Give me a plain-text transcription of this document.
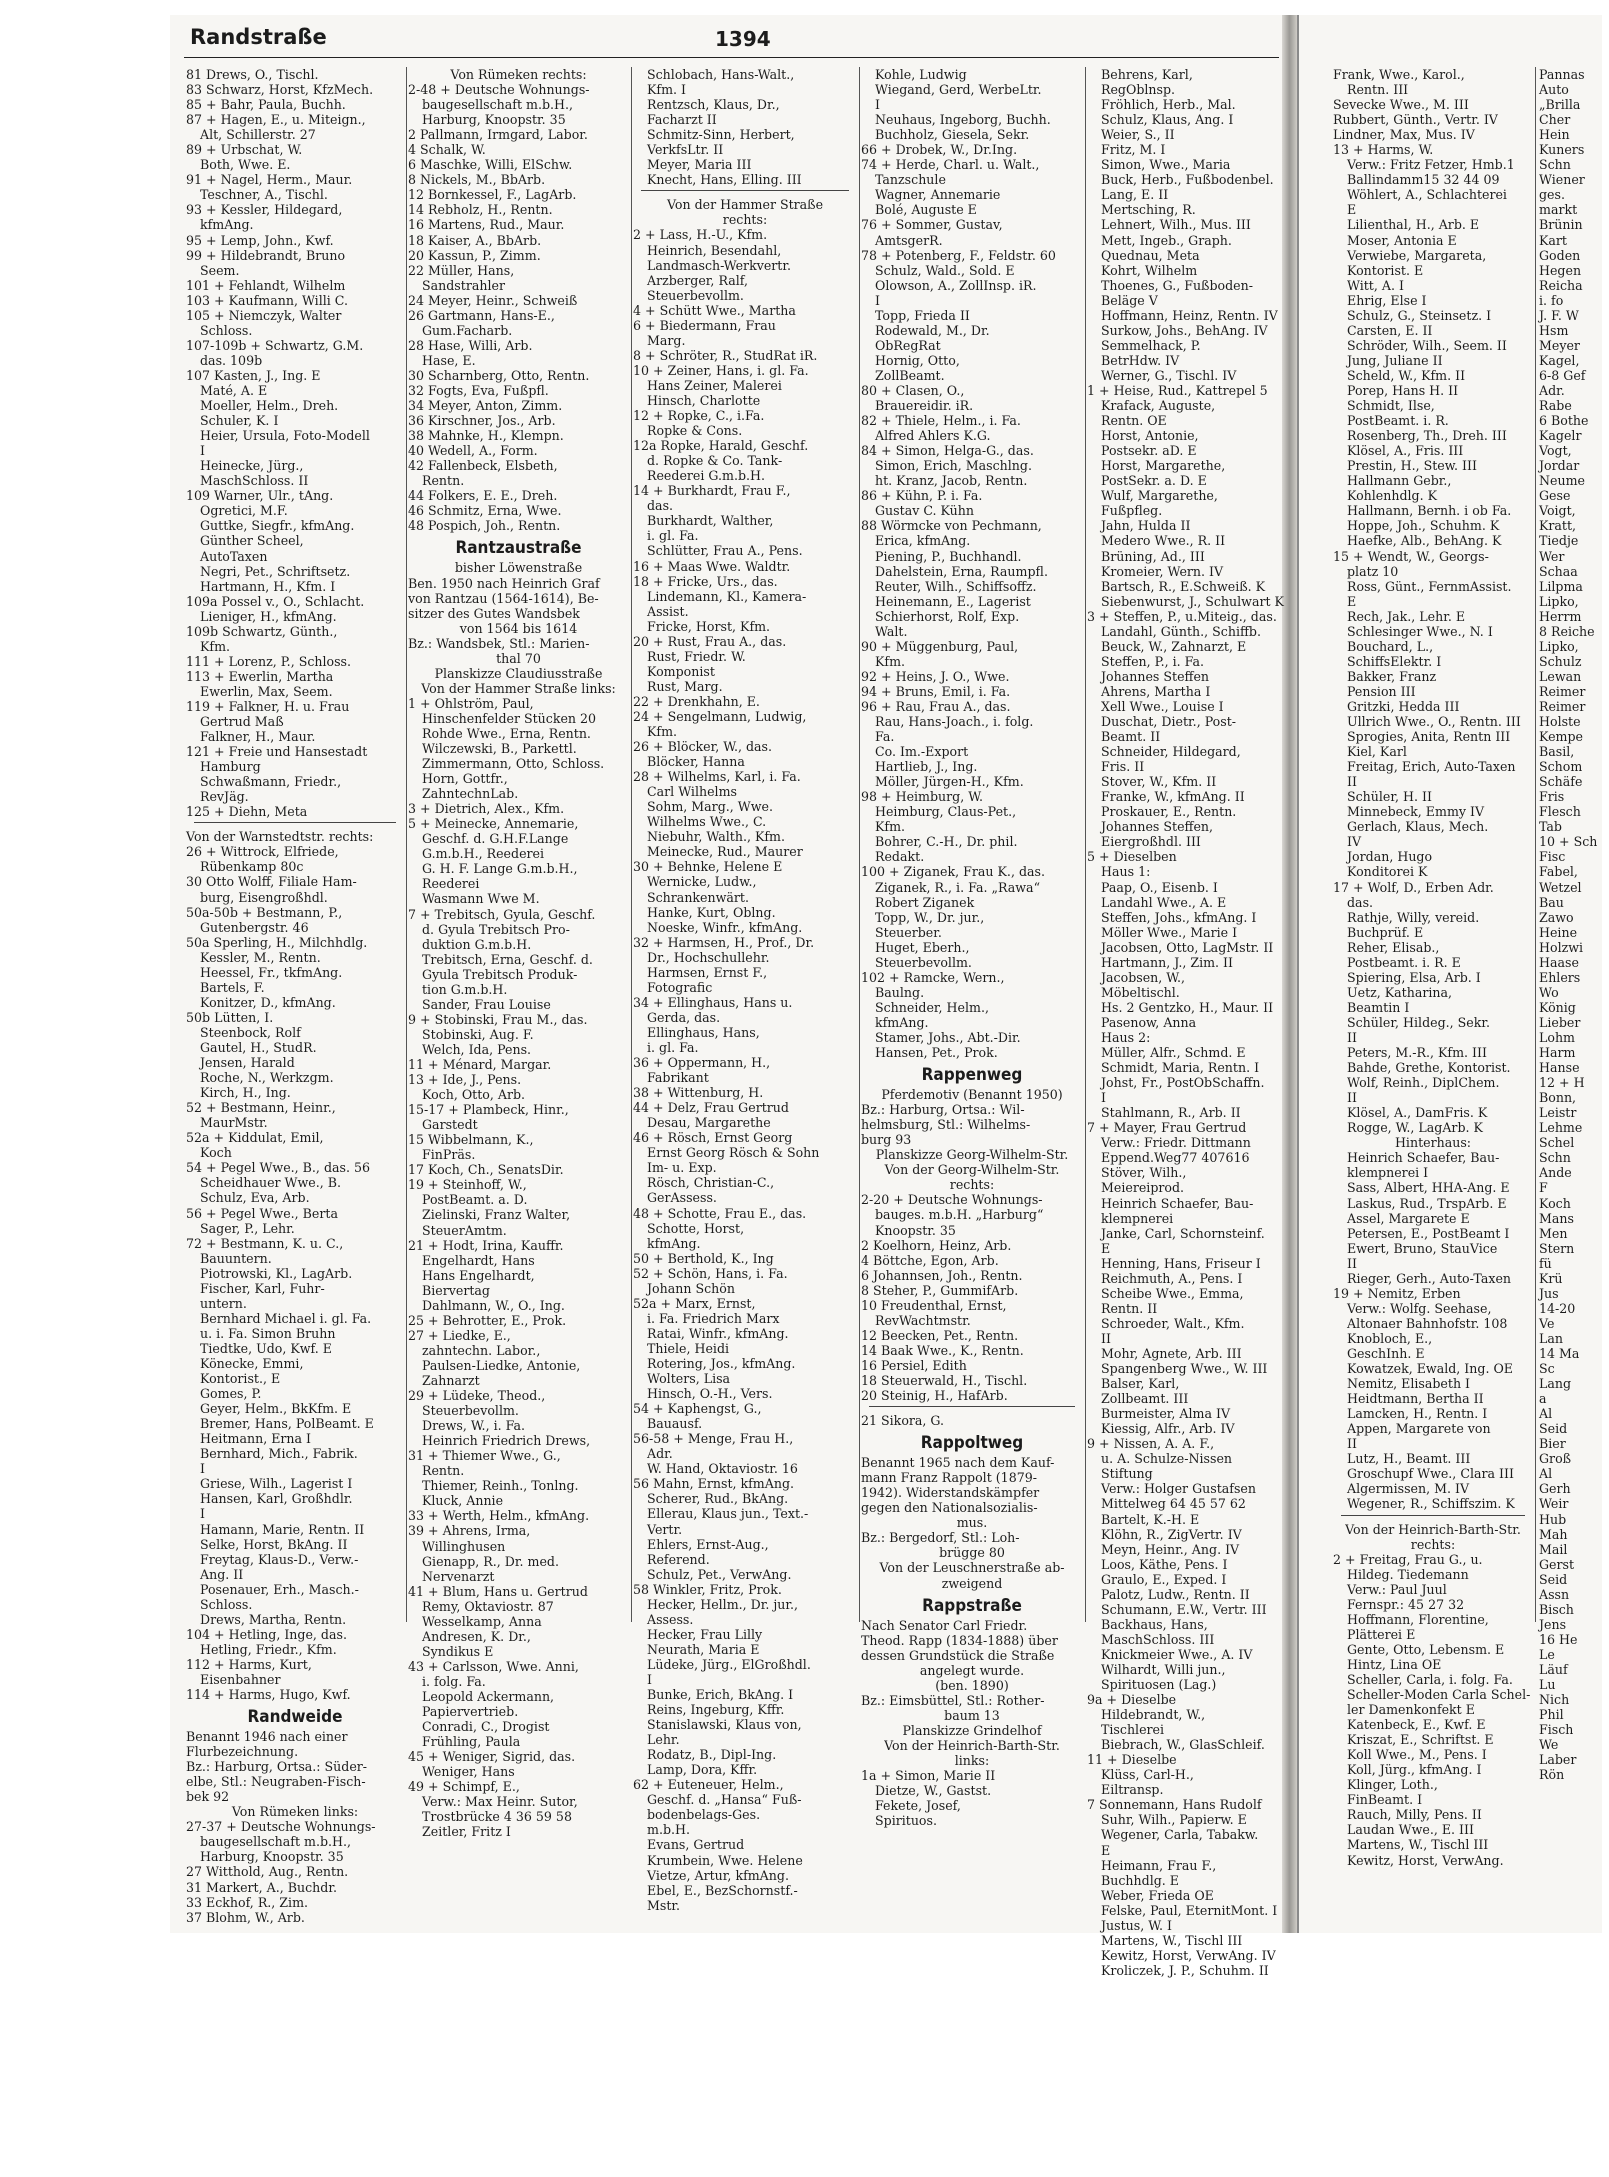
Randstraße	1394
81 Drews, O., Tischl.
83 Schwarz, Horst, KfzMech.
85 + Bahr, Paula, Buchh.
87 + Hagen, E., u. Miteign.,
Alt, Schillerstr. 27
89 + Urbschat, W.
Both, Wwe. E.
91 + Nagel, Herm., Maur.
Teschner, A., Tischl.
93 + Kessler, Hildegard,
kfmAng.
95 + Lemp, John., Kwf.
99 + Hildebrandt, Bruno
Seem.
101 + Fehlandt, Wilhelm
103 + Kaufmann, Willi C.
105 + Niemczyk, Walter
Schloss.
107-109b + Schwartz, G.M.
das. 109b
107 Kasten, J., Ing. E
Maté, A. E
Moeller, Helm., Dreh.
Schuler, K. I
Heier, Ursula, Foto-Modell
I
Heinecke, Jürg.,
MaschSchloss. II
109 Warner, Ulr., tAng.
Ogretici, M.F.
Guttke, Siegfr., kfmAng.
Günther Scheel,
AutoTaxen
Negri, Pet., Schriftsetz.
Hartmann, H., Kfm. I
109a Possel v., O., Schlacht.
Lieniger, H., kfmAng.
109b Schwartz, Günth.,
Kfm.
111 + Lorenz, P., Schloss.
113 + Ewerlin, Martha
Ewerlin, Max, Seem.
119 + Falkner, H. u. Frau
Gertrud Maß
Falkner, H., Maur.
121 + Freie und Hansestadt
Hamburg
Schwaßmann, Friedr.,
RevJäg.
125 + Diehn, Meta
Von der Warnstedtstr. rechts:
26 + Wittrock, Elfriede,
Rübenkamp 80c
30 Otto Wolff, Filiale Ham-
burg, Eisengroßhdl.
50a-50b + Bestmann, P.,
Gutenbergstr. 46
50a Sperling, H., Milchhdlg.
Kessler, M., Rentn.
Heessel, Fr., tkfmAng.
Bartels, F.
Konitzer, D., kfmAng.
50b Lütten, I.
Steenbock, Rolf
Gautel, H., StudR.
Jensen, Harald
Roche, N., Werkzgm.
Kirch, H., Ing.
52 + Bestmann, Heinr.,
MaurMstr.
52a + Kiddulat, Emil,
Koch
54 + Pegel Wwe., B., das. 56
Scheidhauer Wwe., B.
Schulz, Eva, Arb.
56 + Pegel Wwe., Berta
Sager, P., Lehr.
72 + Bestmann, K. u. C.,
Bauuntern.
Piotrowski, Kl., LagArb.
Fischer, Karl, Fuhr-
untern.
Bernhard Michael i. gl. Fa.
u. i. Fa. Simon Bruhn
Tiedtke, Udo, Kwf. E
Könecke, Emmi,
Kontorist., E
Gomes, P.
Geyer, Helm., BkKfm. E
Bremer, Hans, PolBeamt. E
Heitmann, Erna I
Bernhard, Mich., Fabrik.
I
Griese, Wilh., Lagerist I
Hansen, Karl, Großhdlr.
I
Hamann, Marie, Rentn. II
Selke, Horst, BkAng. II
Freytag, Klaus-D., Verw.-
Ang. II
Posenauer, Erh., Masch.-
Schloss.
Drews, Martha, Rentn.
104 + Hetling, Inge, das.
Hetling, Friedr., Kfm.
112 + Harms, Kurt,
Eisenbahner
114 + Harms, Hugo, Kwf.
Randweide
Benannt 1946 nach einer
Flurbezeichnung.
Bz.: Harburg, Ortsa.: Süder-
elbe, Stl.: Neugraben-Fisch-
bek 92
Von Rümeken links:
27-37 + Deutsche Wohnungs-
baugesellschaft m.b.H.,
Harburg, Knoopstr. 35
27 Witthold, Aug., Rentn.
31 Markert, A., Buchdr.
33 Eckhof, R., Zim.
37 Blohm, W., Arb.
Von Rümeken rechts:
2-48 + Deutsche Wohnungs-
baugesellschaft m.b.H.,
Harburg, Knoopstr. 35
2 Pallmann, Irmgard, Labor.
4 Schalk, W.
6 Maschke, Willi, ElSchw.
8 Nickels, M., BbArb.
12 Bornkessel, F., LagArb.
14 Rebholz, H., Rentn.
16 Martens, Rud., Maur.
18 Kaiser, A., BbArb.
20 Kassun, P., Zimm.
22 Müller, Hans,
Sandstrahler
24 Meyer, Heinr., Schweiß
26 Gartmann, Hans-E.,
Gum.Facharb.
28 Hase, Willi, Arb.
Hase, E.
30 Scharnberg, Otto, Rentn.
32 Fogts, Eva, Fußpfl.
34 Meyer, Anton, Zimm.
36 Kirschner, Jos., Arb.
38 Mahnke, H., Klempn.
40 Wedell, A., Form.
42 Fallenbeck, Elsbeth,
Rentn.
44 Folkers, E. E., Dreh.
46 Schmitz, Erna, Wwe.
48 Pospich, Joh., Rentn.
Rantzaustraße
bisher Löwenstraße
Ben. 1950 nach Heinrich Graf
von Rantzau (1564-1614), Be-
sitzer des Gutes Wandsbek
von 1564 bis 1614
Bz.: Wandsbek, Stl.: Marien-
thal 70
Planskizze Claudiusstraße
Von der Hammer Straße links:
1 + Ohlström, Paul,
Hinschenfelder Stücken 20
Rohde Wwe., Erna, Rentn.
Wilczewski, B., Parkettl.
Zimmermann, Otto, Schloss.
Horn, Gottfr.,
ZahntechnLab.
3 + Dietrich, Alex., Kfm.
5 + Meinecke, Annemarie,
Geschf. d. G.H.F.Lange
G.m.b.H., Reederei
G. H. F. Lange G.m.b.H.,
Reederei
Wasmann Wwe M.
7 + Trebitsch, Gyula, Geschf.
d. Gyula Trebitsch Pro-
duktion G.m.b.H.
Trebitsch, Erna, Geschf. d.
Gyula Trebitsch Produk-
tion G.m.b.H.
Sander, Frau Louise
9 + Stobinski, Frau M., das.
Stobinski, Aug. F.
Welch, Ida, Pens.
11 + Ménard, Margar.
13 + Ide, J., Pens.
Koch, Otto, Arb.
15-17 + Plambeck, Hinr.,
Garstedt
15 Wibbelmann, K.,
FinPräs.
17 Koch, Ch., SenatsDir.
19 + Steinhoff, W.,
PostBeamt. a. D.
Zielinski, Franz Walter,
SteuerAmtm.
21 + Hodt, Irina, Kauffr.
Engelhardt, Hans
Hans Engelhardt,
Biervertag
Dahlmann, W., O., Ing.
25 + Behrotter, E., Prok.
27 + Liedke, E.,
zahntechn. Labor.,
Paulsen-Liedke, Antonie,
Zahnarzt
29 + Lüdeke, Theod.,
Steuerbevollm.
Drews, W., i. Fa.
Heinrich Friedrich Drews,
31 + Thiemer Wwe., G.,
Rentn.
Thiemer, Reinh., Tonlng.
Kluck, Annie
33 + Werth, Helm., kfmAng.
39 + Ahrens, Irma,
Willinghusen
Gienapp, R., Dr. med.
Nervenarzt
41 + Blum, Hans u. Gertrud
Remy, Oktaviostr. 87
Wesselkamp, Anna
Andresen, K. Dr.,
Syndikus E
43 + Carlsson, Wwe. Anni,
i. folg. Fa.
Leopold Ackermann,
Papiervertrieb.
Conradi, C., Drogist
Frühling, Paula
45 + Weniger, Sigrid, das.
Weniger, Hans
49 + Schimpf, E.,
Verw.: Max Heinr. Sutor,
Trostbrücke 4 36 59 58
Zeitler, Fritz I
Schlobach, Hans-Walt.,
Kfm. I
Rentzsch, Klaus, Dr.,
Facharzt II
Schmitz-Sinn, Herbert,
VerkfsLtr. II
Meyer, Maria III
Knecht, Hans, Elling. III
Von der Hammer Straße
rechts:
2 + Lass, H.-U., Kfm.
Heinrich, Besendahl,
Landmasch-Werkvertr.
Arzberger, Ralf,
Steuerbevollm.
4 + Schütt Wwe., Martha
6 + Biedermann, Frau
Marg.
8 + Schröter, R., StudRat iR.
10 + Zeiner, Hans, i. gl. Fa.
Hans Zeiner, Malerei
Hinsch, Charlotte
12 + Ropke, C., i.Fa.
Ropke & Cons.
12a Ropke, Harald, Geschf.
d. Ropke & Co. Tank-
Reederei G.m.b.H.
14 + Burkhardt, Frau F.,
das.
Burkhardt, Walther,
i. gl. Fa.
Schlütter, Frau A., Pens.
16 + Maas Wwe. Waldtr.
18 + Fricke, Urs., das.
Lindemann, Kl., Kamera-
Assist.
Fricke, Horst, Kfm.
20 + Rust, Frau A., das.
Rust, Friedr. W.
Komponist
Rust, Marg.
22 + Drenkhahn, E.
24 + Sengelmann, Ludwig,
Kfm.
26 + Blöcker, W., das.
Blöcker, Hanna
28 + Wilhelms, Karl, i. Fa.
Carl Wilhelms
Sohm, Marg., Wwe.
Wilhelms Wwe., C.
Niebuhr, Walth., Kfm.
Meinecke, Rud., Maurer
30 + Behnke, Helene E
Wernicke, Ludw.,
Schrankenwärt.
Hanke, Kurt, Oblng.
Noeske, Winfr., kfmAng.
32 + Harmsen, H., Prof., Dr.
Dr., Hochschullehr.
Harmsen, Ernst F.,
Fotografic
34 + Ellinghaus, Hans u.
Gerda, das.
Ellinghaus, Hans,
i. gl. Fa.
36 + Oppermann, H.,
Fabrikant
38 + Wittenburg, H.
44 + Delz, Frau Gertrud
Desau, Margarethe
46 + Rösch, Ernst Georg
Ernst Georg Rösch & Sohn
Im- u. Exp.
Rösch, Christian-C.,
GerAssess.
48 + Schotte, Frau E., das.
Schotte, Horst,
kfmAng.
50 + Berthold, K., Ing
52 + Schön, Hans, i. Fa.
Johann Schön
52a + Marx, Ernst,
i. Fa. Friedrich Marx
Ratai, Winfr., kfmAng.
Thiele, Heidi
Rotering, Jos., kfmAng.
Wolters, Lisa
Hinsch, O.-H., Vers.
54 + Kaphengst, G.,
Bauausf.
56-58 + Menge, Frau H.,
Adr.
W. Hand, Oktaviostr. 16
56 Mahn, Ernst, kfmAng.
Scherer, Rud., BkAng.
Ellerau, Klaus jun., Text.-
Vertr.
Ehlers, Ernst-Aug.,
Referend.
Schulz, Pet., VerwAng.
58 Winkler, Fritz, Prok.
Hecker, Hellm., Dr. jur.,
Assess.
Hecker, Frau Lilly
Neurath, Maria E
Lüdeke, Jürg., ElGroßhdl.
I
Bunke, Erich, BkAng. I
Reins, Ingeburg, Kffr.
Stanislawski, Klaus von,
Lehr.
Rodatz, B., Dipl-Ing.
Lamp, Dora, Kffr.
62 + Euteneuer, Helm.,
Geschf. d. „Hansa“ Fuß-
bodenbelags-Ges.
m.b.H.
Evans, Gertrud
Krumbein, Wwe. Helene
Vietze, Artur, kfmAng.
Ebel, E., BezSchornstf.-
Mstr.
Kohle, Ludwig
Wiegand, Gerd, WerbeLtr.
I
Neuhaus, Ingeborg, Buchh.
Buchholz, Giesela, Sekr.
66 + Drobek, W., Dr.Ing.
74 + Herde, Charl. u. Walt.,
Tanzschule
Wagner, Annemarie
Bolé, Auguste E
76 + Sommer, Gustav,
AmtsgerR.
78 + Potenberg, F., Feldstr. 60
Schulz, Wald., Sold. E
Olowson, A., ZollInsp. iR.
I
Topp, Frieda II
Rodewald, M., Dr.
ObRegRat
Hornig, Otto,
ZollBeamt.
80 + Clasen, O.,
Brauereidir. iR.
82 + Thiele, Helm., i. Fa.
Alfred Ahlers K.G.
84 + Simon, Helga-G., das.
Simon, Erich, Maschlng.
ht. Kranz, Jacob, Rentn.
86 + Kühn, P. i. Fa.
Gustav C. Kühn
88 Wörmcke von Pechmann,
Erica, kfmAng.
Piening, P., Buchhandl.
Dahelstein, Erna, Raumpfl.
Reuter, Wilh., Schiffsoffz.
Heinemann, E., Lagerist
Schierhorst, Rolf, Exp.
Walt.
90 + Müggenburg, Paul,
Kfm.
92 + Heins, J. O., Wwe.
94 + Bruns, Emil, i. Fa.
96 + Rau, Frau A., das.
Rau, Hans-Joach., i. folg.
Fa.
Co. Im.-Export
Hartlieb, J., Ing.
Möller, Jürgen-H., Kfm.
98 + Heimburg, W.
Heimburg, Claus-Pet.,
Kfm.
Bohrer, C.-H., Dr. phil.
Redakt.
100 + Ziganek, Frau K., das.
Ziganek, R., i. Fa. „Rawa“
Robert Ziganek
Topp, W., Dr. jur.,
Steuerber.
Huget, Eberh.,
Steuerbevollm.
102 + Ramcke, Wern.,
Baulng.
Schneider, Helm.,
kfmAng.
Stamer, Johs., Abt.-Dir.
Hansen, Pet., Prok.
Rappenweg
Pferdemotiv (Benannt 1950)
Bz.: Harburg, Ortsa.: Wil-
helmsburg, Stl.: Wilhelms-
burg 93
Planskizze Georg-Wilhelm-Str.
Von der Georg-Wilhelm-Str.
rechts:
2-20 + Deutsche Wohnungs-
bauges. m.b.H. „Harburg“
Knoopstr. 35
2 Koelhorn, Heinz, Arb.
4 Böttche, Egon, Arb.
6 Johannsen, Joh., Rentn.
8 Steher, P., GummifArb.
10 Freudenthal, Ernst,
RevWachtmstr.
12 Beecken, Pet., Rentn.
14 Baak Wwe., K., Rentn.
16 Persiel, Edith
18 Steuerwald, H., Tischl.
20 Steinig, H., HafArb.
21 Sikora, G.
Rappoltweg
Benannt 1965 nach dem Kauf-
mann Franz Rappolt (1879-
1942). Widerstandskämpfer
gegen den Nationalsozialis-
mus.
Bz.: Bergedorf, Stl.: Loh-
brügge 80
Von der Leuschnerstraße ab-
zweigend
Rappstraße
Nach Senator Carl Friedr.
Theod. Rapp (1834-1888) über
dessen Grundstück die Straße
angelegt wurde.
(ben. 1890)
Bz.: Eimsbüttel, Stl.: Rother-
baum 13
Planskizze Grindelhof
Von der Heinrich-Barth-Str.
links:
1a + Simon, Marie II
Dietze, W., Gastst.
Fekete, Josef,
Spirituos.
Behrens, Karl,
RegOblnsp.
Fröhlich, Herb., Mal.
Schulz, Klaus, Ang. I
Weier, S., II
Fritz, M. I
Simon, Wwe., Maria
Buck, Herb., Fußbodenbel.
Lang, E. II
Mertsching, R.
Lehnert, Wilh., Mus. III
Mett, Ingeb., Graph.
Quednau, Meta
Kohrt, Wilhelm
Thoenes, G., Fußboden-
Beläge V
Hoffmann, Heinz, Rentn. IV
Surkow, Johs., BehAng. IV
Semmelhack, P.
BetrHdw. IV
Werner, G., Tischl. IV
1 + Heise, Rud., Kattrepel 5
Krafack, Auguste,
Rentn. OE
Horst, Antonie,
Postsekr. aD. E
Horst, Margarethe,
PostSekr. a. D. E
Wulf, Margarethe,
Fußpfleg.
Jahn, Hulda II
Medero Wwe., R. II
Brüning, Ad., III
Kromeier, Wern. IV
Bartsch, R., E.Schweiß. K
Siebenwurst, J., Schulwart K
3 + Steffen, P., u.Miteig., das.
Landahl, Günth., Schiffb.
Beuck, W., Zahnarzt, E
Steffen, P., i. Fa.
Johannes Steffen
Ahrens, Martha I
Xell Wwe., Louise I
Duschat, Dietr., Post-
Beamt. II
Schneider, Hildegard,
Fris. II
Stover, W., Kfm. II
Franke, W., kfmAng. II
Proskauer, E., Rentn.
Johannes Steffen,
Eiergroßhdl. III
5 + Dieselben
Haus 1:
Paap, O., Eisenb. I
Landahl Wwe., A. E
Steffen, Johs., kfmAng. I
Möller Wwe., Marie I
Jacobsen, Otto, LagMstr. II
Hartmann, J., Zim. II
Jacobsen, W.,
Möbeltischl.
Hs. 2 Gentzko, H., Maur. II
Pasenow, Anna
Haus 2:
Müller, Alfr., Schmd. E
Schmidt, Maria, Rentn. I
Johst, Fr., PostObSchaffn.
I
Stahlmann, R., Arb. II
7 + Mayer, Frau Gertrud
Verw.: Friedr. Dittmann
Eppend.Weg77 407616
Stöver, Wilh.,
Meiereiprod.
Heinrich Schaefer, Bau-
klempnerei
Janke, Carl, Schornsteinf.
E
Henning, Hans, Friseur I
Reichmuth, A., Pens. I
Scheibe Wwe., Emma,
Rentn. II
Schroeder, Walt., Kfm.
II
Mohr, Agnete, Arb. III
Spangenberg Wwe., W. III
Balser, Karl,
Zollbeamt. III
Burmeister, Alma IV
Kiessig, Alfr., Arb. IV
9 + Nissen, A. A. F.,
u. A. Schulze-Nissen
Stiftung
Verw.: Holger Gustafsen
Mittelweg 64 45 57 62
Bartelt, K.-H. E
Klöhn, R., ZigVertr. IV
Meyn, Heinr., Ang. IV
Loos, Käthe, Pens. I
Graulo, E., Exped. I
Palotz, Ludw., Rentn. II
Schumann, E.W., Vertr. III
Backhaus, Hans,
MaschSchloss. III
Knickmeier Wwe., A. IV
Wilhardt, Willi jun.,
Spirituosen (Lag.)
9a + Dieselbe
Hildebrandt, W.,
Tischlerei
Biebrach, W., GlasSchleif.
11 + Dieselbe
Klüss, Carl-H.,
Eiltransp.
7 Sonnemann, Hans Rudolf
Suhr, Wilh., Papierw. E
Wegener, Carla, Tabakw.
E
Heimann, Frau F.,
Buchhdlg. E
Weber, Frieda OE
Felske, Paul, EternitMont. I
Justus, W. I
Martens, W., Tischl III
Kewitz, Horst, VerwAng. IV
Kroliczek, J. P., Schuhm. II
Frank, Wwe., Karol.,
Rentn. III
Sevecke Wwe., M. III
Rubbert, Günth., Vertr. IV
Lindner, Max, Mus. IV
13 + Harms, W.
Verw.: Fritz Fetzer, Hmb.1
Ballindamm15 32 44 09
Wöhlert, A., Schlachterei
E
Lilienthal, H., Arb. E
Moser, Antonia E
Verwiebe, Margareta,
Kontorist. E
Witt, A. I
Ehrig, Else I
Schulz, G., Steinsetz. I
Carsten, E. II
Schröder, Wilh., Seem. II
Jung, Juliane II
Scheld, W., Kfm. II
Porep, Hans H. II
Schmidt, Ilse,
PostBeamt. i. R.
Rosenberg, Th., Dreh. III
Klösel, A., Fris. III
Prestin, H., Stew. III
Hallmann Gebr.,
Kohlenhdlg. K
Hallmann, Bernh. i ob Fa.
Hoppe, Joh., Schuhm. K
Haefke, Alb., BehAng. K
15 + Wendt, W., Georgs-
platz 10
Ross, Günt., FernmAssist.
E
Rech, Jak., Lehr. E
Schlesinger Wwe., N. I
Bouchard, L.,
SchiffsElektr. I
Bakker, Franz
Pension III
Gritzki, Hedda III
Ullrich Wwe., O., Rentn. III
Sprogies, Anita, Rentn III
Kiel, Karl
Freitag, Erich, Auto-Taxen
II
Schüler, H. II
Minnebeck, Emmy IV
Gerlach, Klaus, Mech.
IV
Jordan, Hugo
Konditorei K
17 + Wolf, D., Erben Adr.
das.
Rathje, Willy, vereid.
Buchprüf. E
Reher, Elisab.,
Postbeamt. i. R. E
Spiering, Elsa, Arb. I
Uetz, Katharina,
Beamtin I
Schüler, Hildeg., Sekr.
II
Peters, M.-R., Kfm. III
Bahde, Grethe, Kontorist.
Wolf, Reinh., DiplChem.
II
Klösel, A., DamFris. K
Rogge, W., LagArb. K
Hinterhaus:
Heinrich Schaefer, Bau-
klempnerei I
Sass, Albert, HHA-Ang. E
Laskus, Rud., TrspArb. E
Assel, Margarete E
Petersen, E., PostBeamt I
Ewert, Bruno, StauVice
II
Rieger, Gerh., Auto-Taxen
19 + Nemitz, Erben
Verw.: Wolfg. Seehase,
Altonaer Bahnhofstr. 108
Knobloch, E.,
GeschInh. E
Kowatzek, Ewald, Ing. OE
Nemitz, Elisabeth I
Heidtmann, Bertha II
Lamcken, H., Rentn. I
Appen, Margarete von
II
Lutz, H., Beamt. III
Groschupf Wwe., Clara III
Algermissen, M. IV
Wegener, R., Schiffszim. K
Von der Heinrich-Barth-Str.
rechts:
2 + Freitag, Frau G., u.
Hildeg. Tiedemann
Verw.: Paul Juul
Fernspr.: 45 27 32
Hoffmann, Florentine,
Plätterei E
Gente, Otto, Lebensm. E
Hintz, Lina OE
Scheller, Carla, i. folg. Fa.
Scheller-Moden Carla Schel-
ler Damenkonfekt E
Katenbeck, E., Kwf. E
Kriszat, E., Schriftst. E
Koll Wwe., M., Pens. I
Koll, Jürg., kfmAng. I
Klinger, Loth.,
FinBeamt. I
Rauch, Milly, Pens. II
Laudan Wwe., E. III
Martens, W., Tischl III
Kewitz, Horst, VerwAng.
Pannas
Auto
„Brilla
Cher
Hein
Kuners
Schn
Wiener
ges.
markt
Brünin
Kart
Goden
Hegen
Reicha
i. fo
J. F. W
Hsm
Meyer
Kagel,
6-8 Gef
Adr.
Rabe
6 Bothe
Kagelr
Vogt,
Jordar
Neume
Gese
Voigt,
Kratt,
Tiedje
Wer
Schaa
Lilpma
Lipko,
Herrm
8 Reiche
Lipko,
Schulz
Lewan
Reimer
Reimer
Holste
Kempe
Basil,
Schom
Schäfe
Fris
Flesch
Tab
10 + Sch
Fisc
Fabel,
Wetzel
Bau
Zawo
Heine
Holzwi
Haase
Ehlers
Wo
König
Lieber
Lohm
Harm
Hanse
12 + H
Bonn,
Leistr
Lehme
Schel
Schn
Ande
F
Koch
Mans
Men
Stern
fü
Krü
Jus
14-20
Ve
Lan
14 Ma
Sc
Lang
a
Al
Seid
Bier
Groß
Al
Gerh
Weir
Hub
Mah
Mail
Gerst
Seid
Assn
Bisch
Jens
16 He
Le
Läuf
Lu
Nich
Phil
Fisch
We
Laber
Rön
